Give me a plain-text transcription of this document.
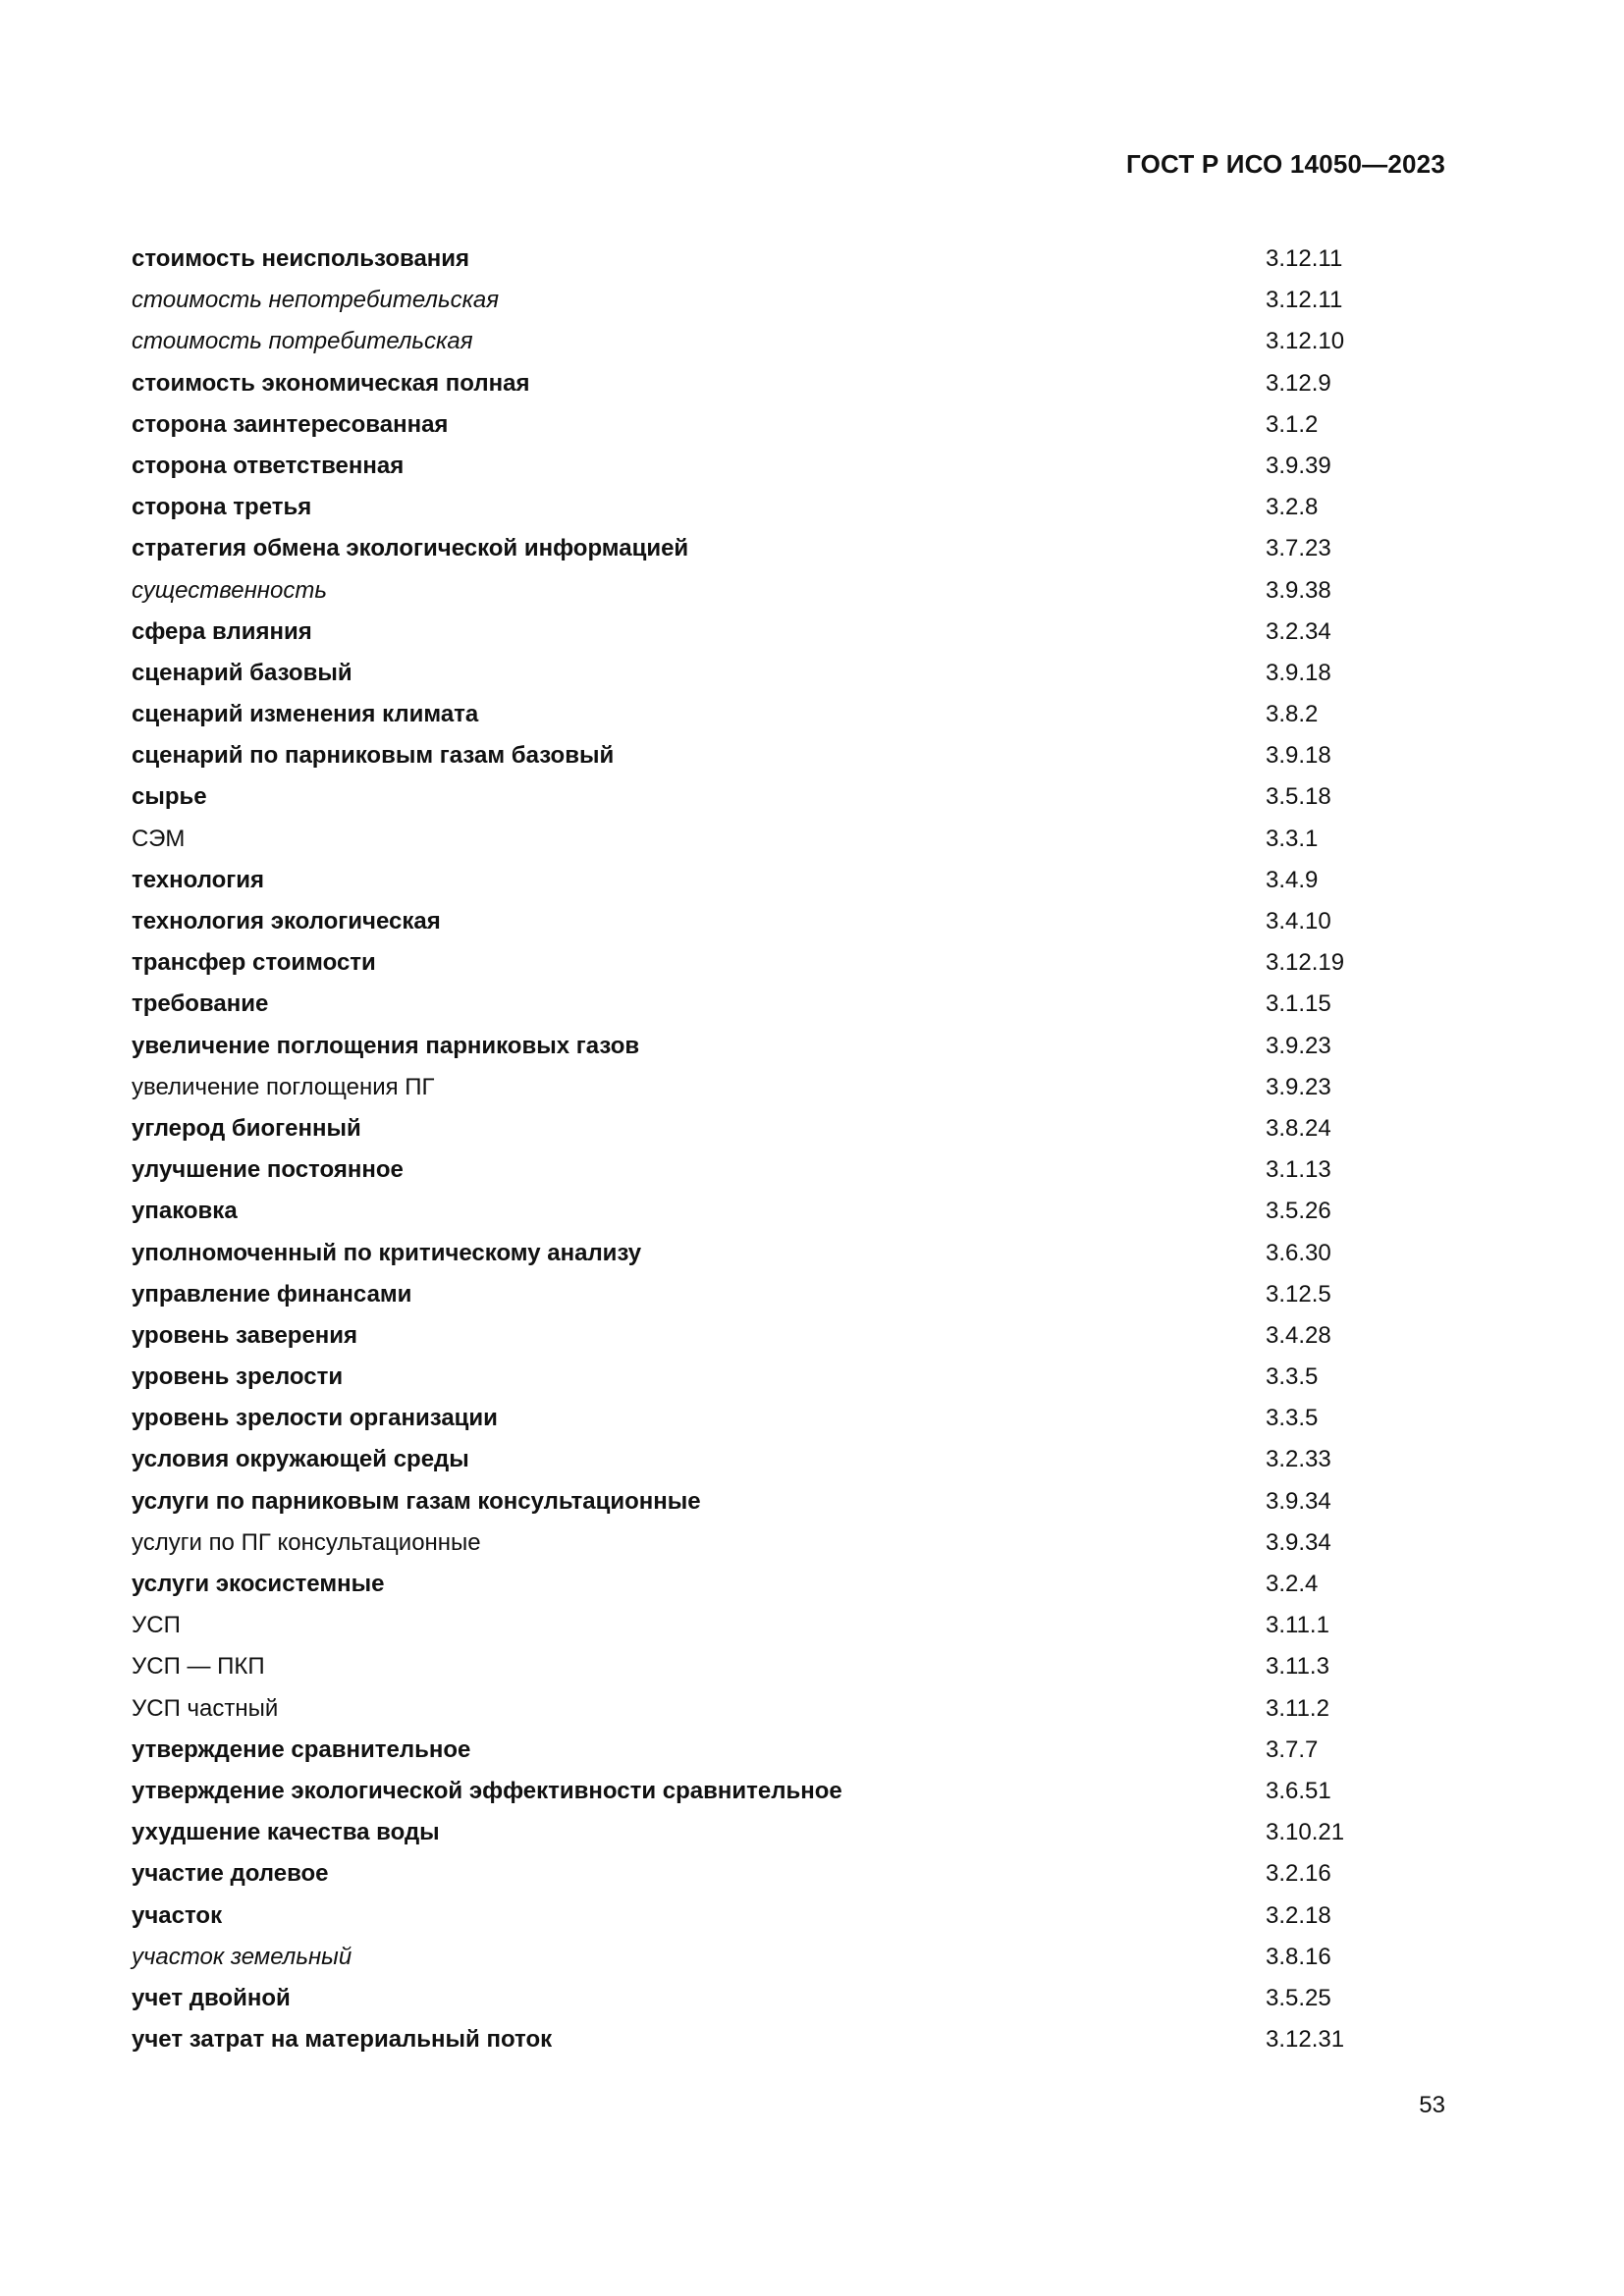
ГОСТ Р ИСО 14050—2023
стоимость неиспользования	3.12.11
стоимость непотребительская	3.12.11
стоимость потребительская	3.12.10
стоимость экономическая полная	3.12.9
сторона заинтересованная	3.1.2
сторона ответственная	3.9.39
сторона третья	3.2.8
стратегия обмена экологической информацией	3.7.23
существенность	3.9.38
сфера влияния	3.2.34
сценарий базовый	3.9.18
сценарий изменения климата	3.8.2
сценарий по парниковым газам базовый	3.9.18
сырье	3.5.18
СЭМ	3.3.1
технология	3.4.9
технология экологическая	3.4.10
трансфер стоимости	3.12.19
требование	3.1.15
увеличение поглощения парниковых газов	3.9.23
увеличение поглощения ПГ	3.9.23
углерод биогенный	3.8.24
улучшение постоянное	3.1.13
упаковка	3.5.26
уполномоченный по критическому анализу	3.6.30
управление финансами	3.12.5
уровень заверения	3.4.28
уровень зрелости	3.3.5
уровень зрелости организации	3.3.5
условия окружающей среды	3.2.33
услуги по парниковым газам консультационные	3.9.34
услуги по ПГ консультационные	3.9.34
услуги экосистемные	3.2.4
УСП	3.11.1
УСП — ПКП	3.11.3
УСП частный	3.11.2
утверждение сравнительное	3.7.7
утверждение экологической эффективности сравнительное	3.6.51
ухудшение качества воды	3.10.21
участие долевое	3.2.16
участок	3.2.18
участок земельный	3.8.16
учет двойной	3.5.25
учет затрат на материальный поток	3.12.31
53
